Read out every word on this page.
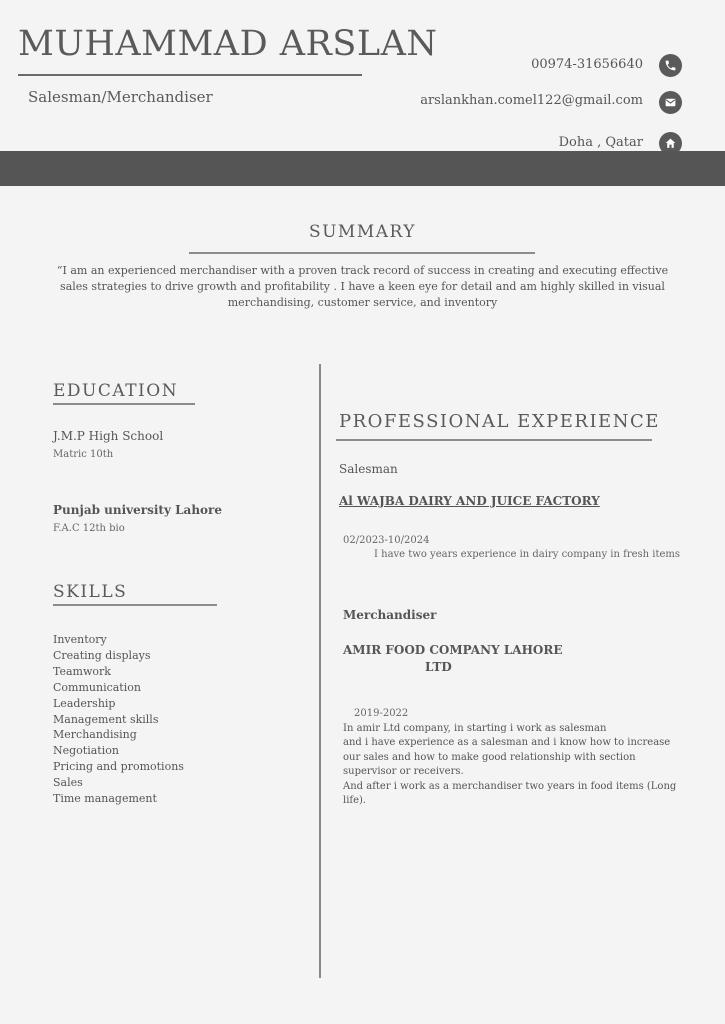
MUHAMMAD ARSLAN
Salesman/Merchandiser
00974-31656640
arslankhan.comel122@gmail.com
Doha , Qatar
SUMMARY
“I am an experienced merchandiser with a proven track record of success in creating and executing effective sales strategies to drive growth and profitability . I have a keen eye for detail and am highly skilled in visual merchandising, customer service, and inventory
EDUCATION
J.M.P High School
Matric 10th
Punjab university Lahore
F.A.C 12th bio
SKILLS
Inventory
Creating displays
Teamwork
Communication
Leadership
Management skills
Merchandising
Negotiation
Pricing and promotions
Sales
Time management
PROFESSIONAL EXPERIENCE
Salesman
Al WAJBA DAIRY AND JUICE FACTORY
02/2023-10/2024
I have two years experience in dairy company in fresh items
Merchandiser
AMIR FOOD COMPANY LAHORE
LTD
2019-2022
In amir Ltd company, in starting i work as salesman
and i have experience as a salesman and i know how to increase our sales and how to make good relationship with section supervisor or receivers.
And after i work as a merchandiser two years in food items (Long life).
